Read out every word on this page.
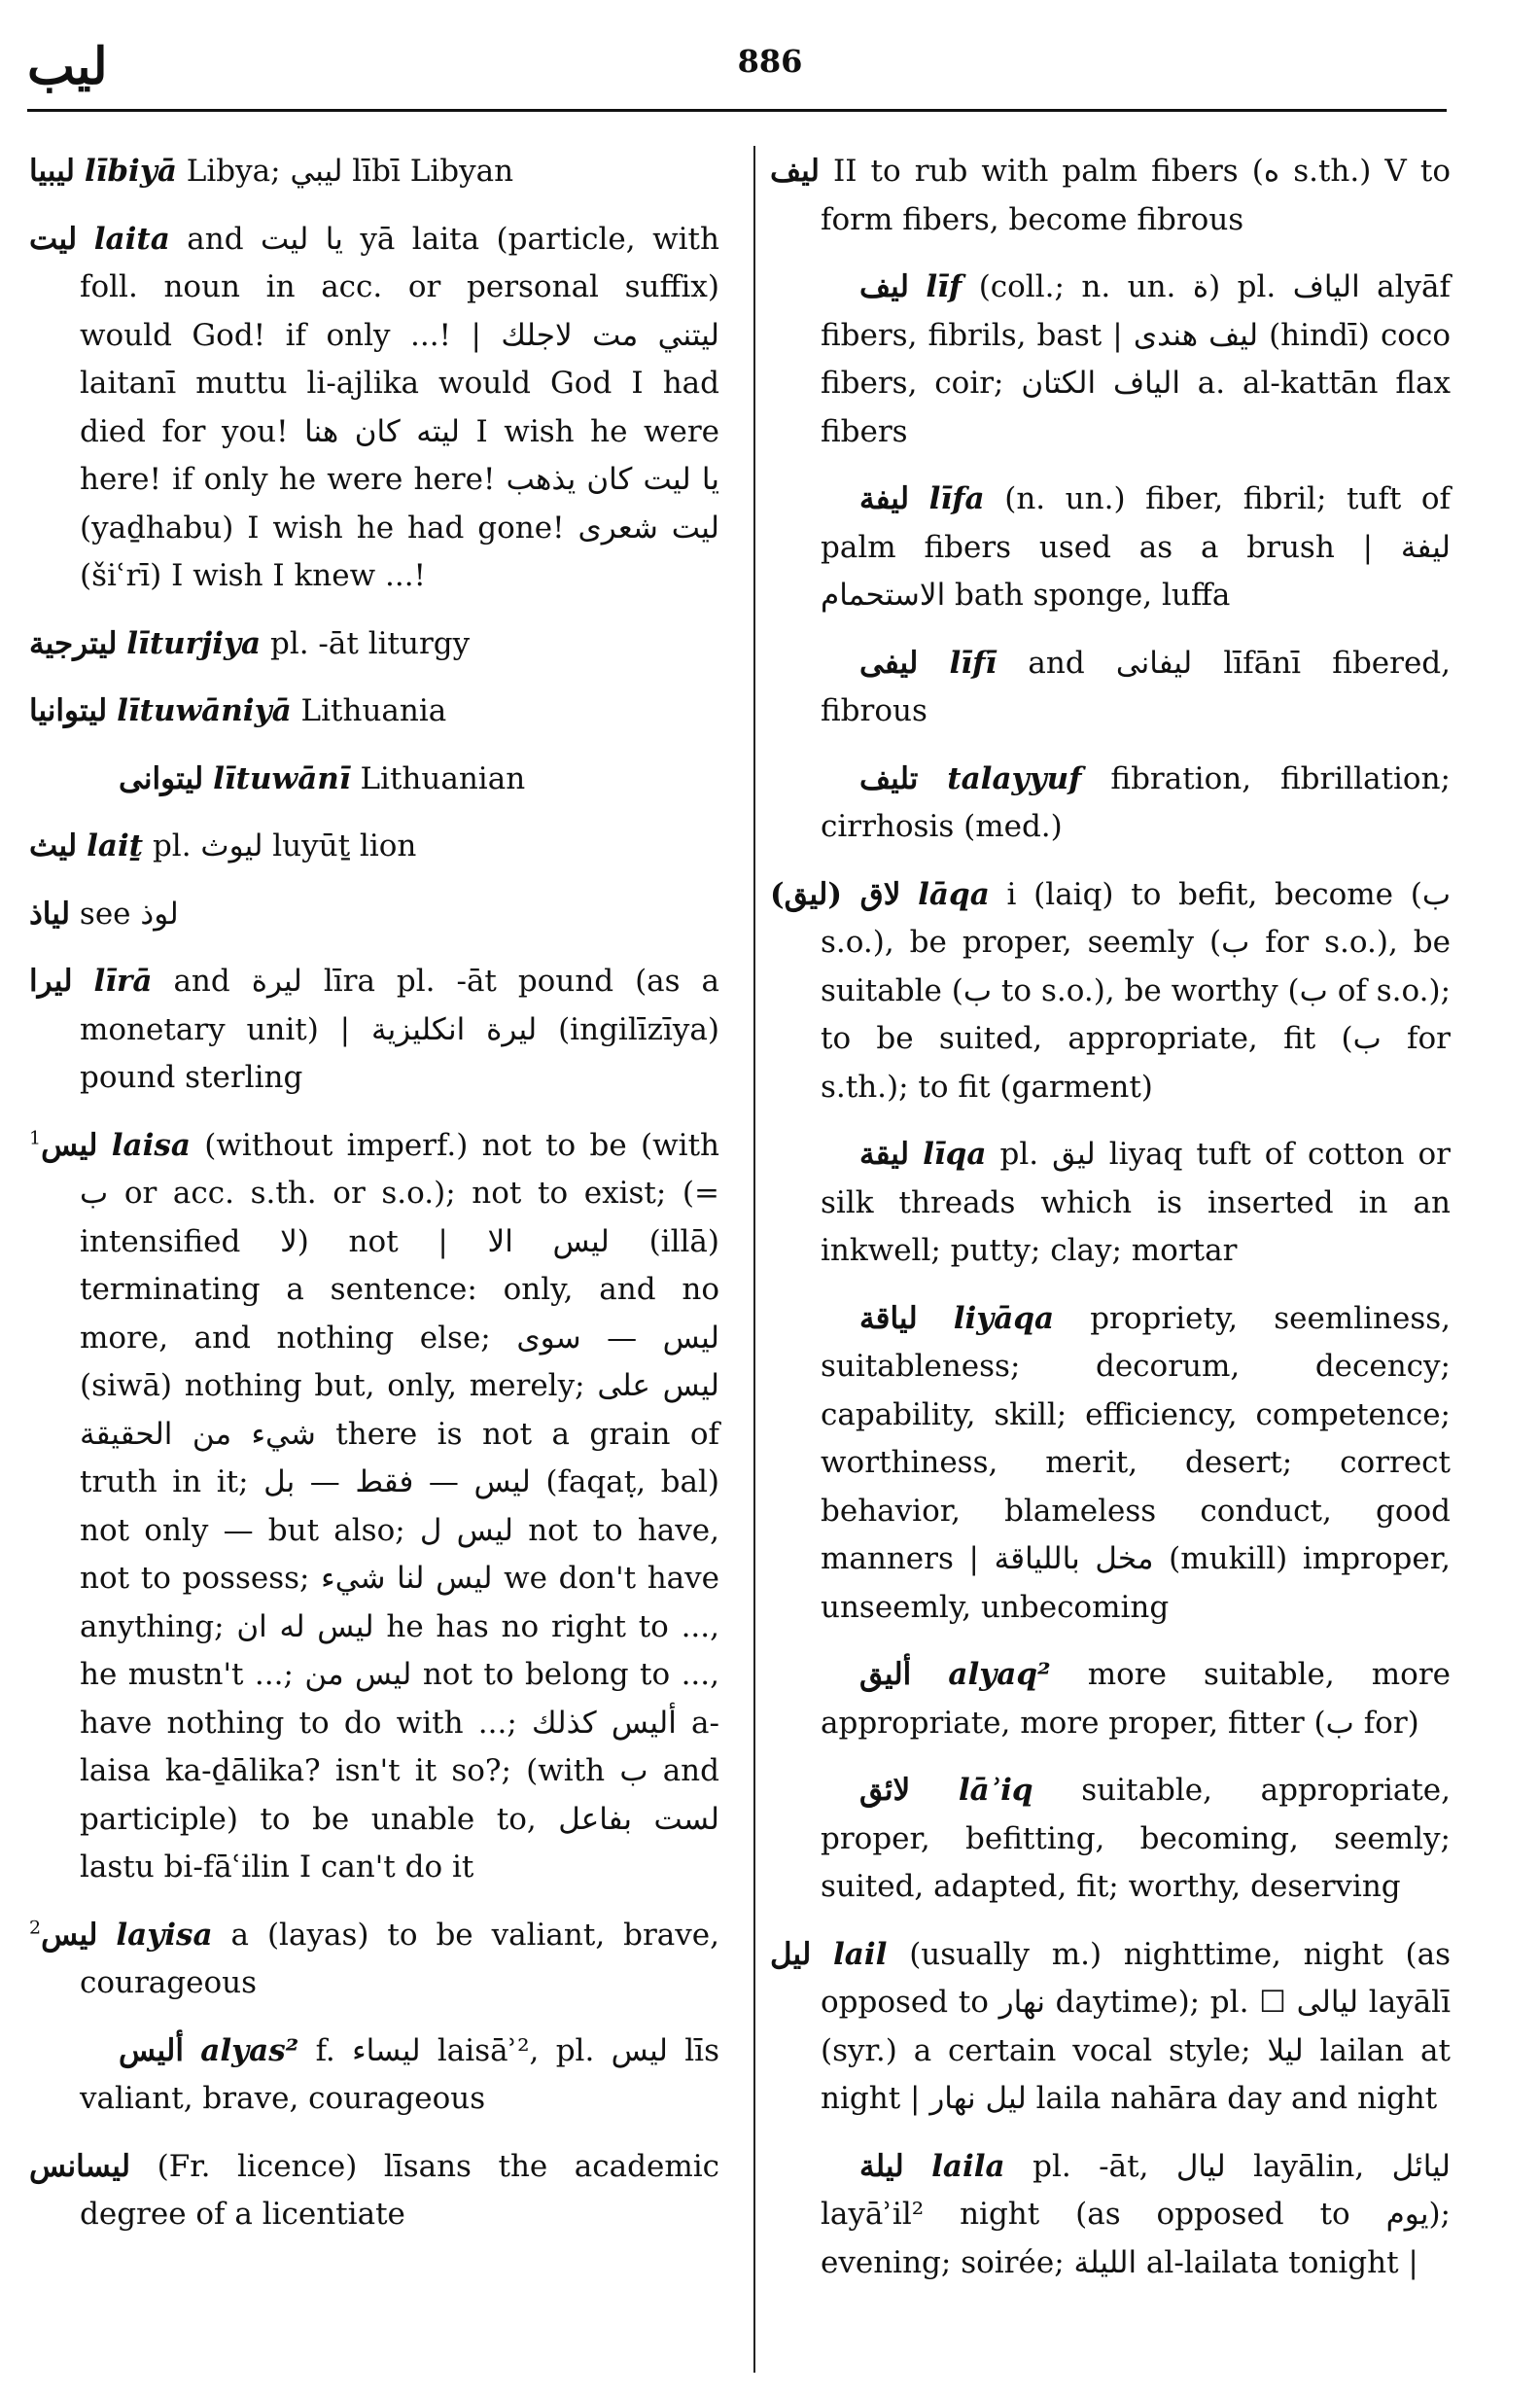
ليب	886
ليبيا lībiyā Libya; ليبي lībī Libyan
ليت laita and يا ليت yā laita (particle, with foll. noun in acc. or personal suffix) would God! if only ...! | ليتني مت لاجلك laitanī muttu li-ajlika would God I had died for you! ليته كان هنا I wish he were here! if only he were here! يا ليت كان يذهب (yaḏhabu) I wish he had gone! ليت شعرى (šiʿrī) I wish I knew ...!
ليترجية līturjiya pl. -āt liturgy
ليتوانيا lītuwāniyā Lithuania
ليتوانى lītuwānī Lithuanian
ليث laiṯ pl. ليوث luyūṯ lion
لياذ see لوذ
ليرا līrā and ليرة līra pl. -āt pound (as a monetary unit) | ليرة انكليزية (ingilīzīya) pound sterling
ليس$^1$ laisa (without imperf.) not to be (with ب or acc. s.th. or s.o.); not to exist; (= intensified لا) not | ليس الا (illā) terminating a sentence: only, and no more, and nothing else; ليس — سوى (siwā) nothing but, only, merely; ليس على شيء من الحقيقة there is not a grain of truth in it; ليس — فقط — بل (faqaṭ, bal) not only — but also; ليس ل not to have, not to possess; ليس لنا شيء we don't have anything; ليس له ان he has no right to ..., he mustn't ...; ليس من not to belong to ..., have nothing to do with ...; أليس كذلك a-laisa ka-ḏālika? isn't it so?; (with ب and participle) to be unable to, لست بفاعل lastu bi-fāʿilin I can't do it
ليس$^2$ layisa a (layas) to be valiant, brave, courageous
أليس alyas² f. ليساء laisāʾ², pl. ليس līs valiant, brave, courageous
ليسانس (Fr. licence) līsans the academic degree of a licentiate
ليف II to rub with palm fibers (ه s.th.) V to form fibers, become fibrous
ليف līf (coll.; n. un. ة) pl. الياف alyāf fibers, fibrils, bast | ليف هندى (hindī) coco fibers, coir; الياف الكتان a. al-kattān flax fibers
ليفة līfa (n. un.) fiber, fibril; tuft of palm fibers used as a brush | ليفة الاستحمام bath sponge, luffa
ليفى līfī and ليفانى līfānī fibered, fibrous
تليف talayyuf fibration, fibrillation; cirrhosis (med.)
لاق (ليق) lāqa i (laiq) to befit, become (ب s.o.), be proper, seemly (ب for s.o.), be suitable (ب to s.o.), be worthy (ب of s.o.); to be suited, appropriate, fit (ب for s.th.); to fit (garment)
ليقة līqa pl. ليق liyaq tuft of cotton or silk threads which is inserted in an inkwell; putty; clay; mortar
لياقة liyāqa propriety, seemliness, suitableness; decorum, decency; capability, skill; efficiency, competence; worthiness, merit, desert; correct behavior, blameless conduct, good manners | مخل باللياقة (mukill) improper, unseemly, unbecoming
أليق alyaq² more suitable, more appropriate, more proper, fitter (ب for)
لائق lāʾiq suitable, appropriate, proper, befitting, becoming, seemly; suited, adapted, fit; worthy, deserving
ليل lail (usually m.) nighttime, night (as opposed to نهار daytime); pl. ☐ ليالى layālī (syr.) a certain vocal style; ليلا lailan at night | ليل نهار laila nahāra day and night
ليلة laila pl. -āt, ليال layālin, ليائل layāʾil² night (as opposed to يوم); evening; soirée; الليلة al-lailata tonight |
